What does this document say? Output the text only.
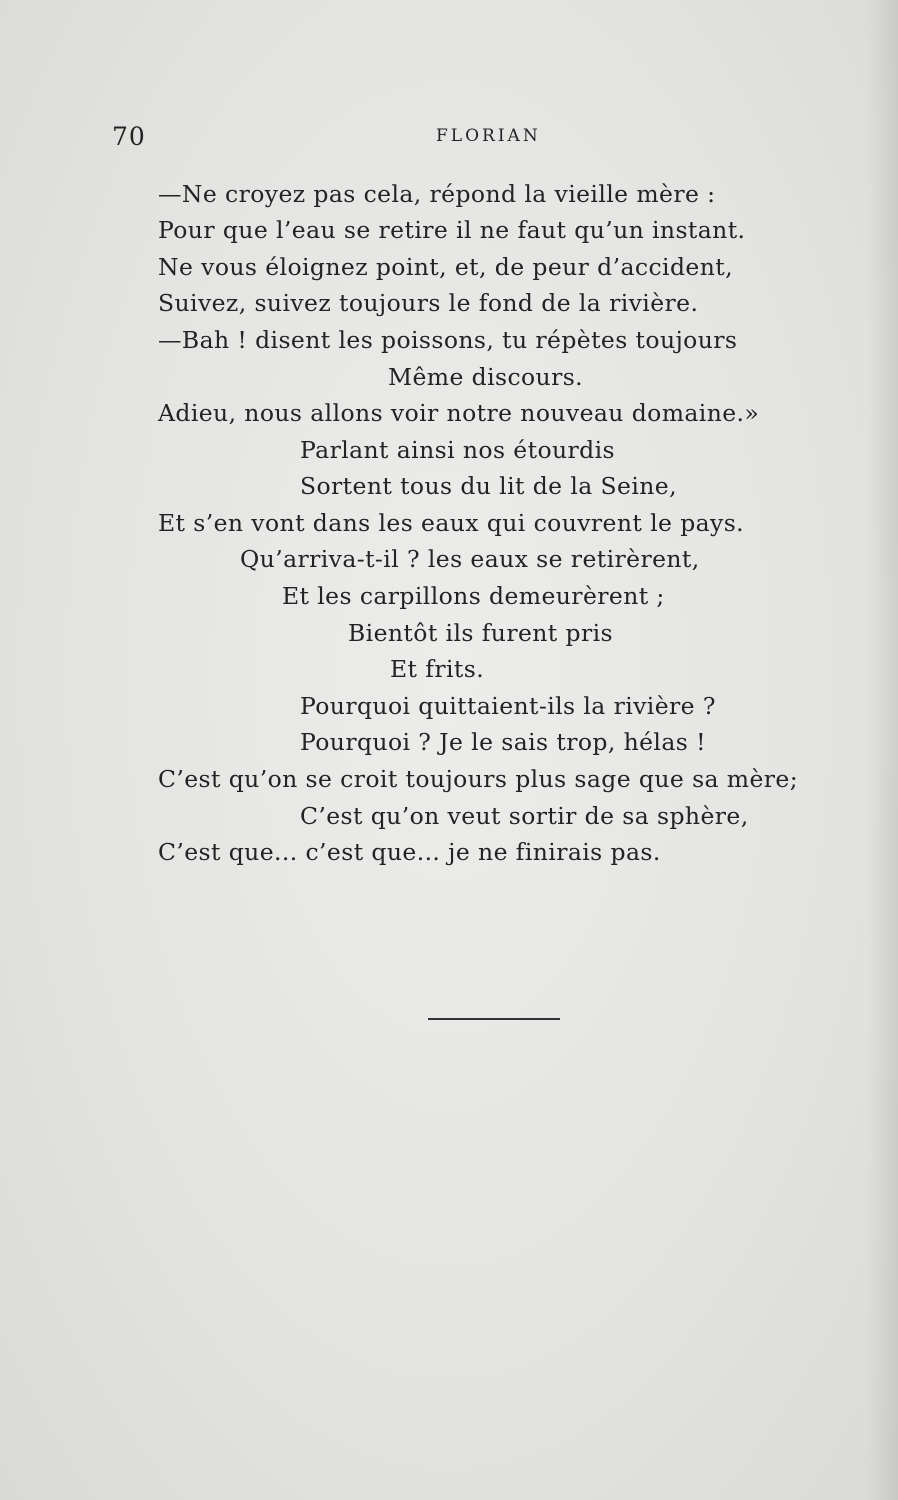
70	FLORIAN
—Ne croyez pas cela, répond la vieille mère :
Pour que l’eau se retire il ne faut qu’un instant.
Ne vous éloignez point, et, de peur d’accident,
Suivez, suivez toujours le fond de la rivière.
—Bah ! disent les poissons, tu répètes toujours
Même discours.
Adieu, nous allons voir notre nouveau domaine.»
Parlant ainsi nos étourdis
Sortent tous du lit de la Seine,
Et s’en vont dans les eaux qui couvrent le pays.
Qu’arriva-t-il ? les eaux se retirèrent,
Et les carpillons demeurèrent ;
Bientôt ils furent pris
Et frits.
Pourquoi quittaient-ils la rivière ?
Pourquoi ? Je le sais trop, hélas !
C’est qu’on se croit toujours plus sage que sa mère;
C’est qu’on veut sortir de sa sphère,
C’est que... c’est que... je ne finirais pas.
